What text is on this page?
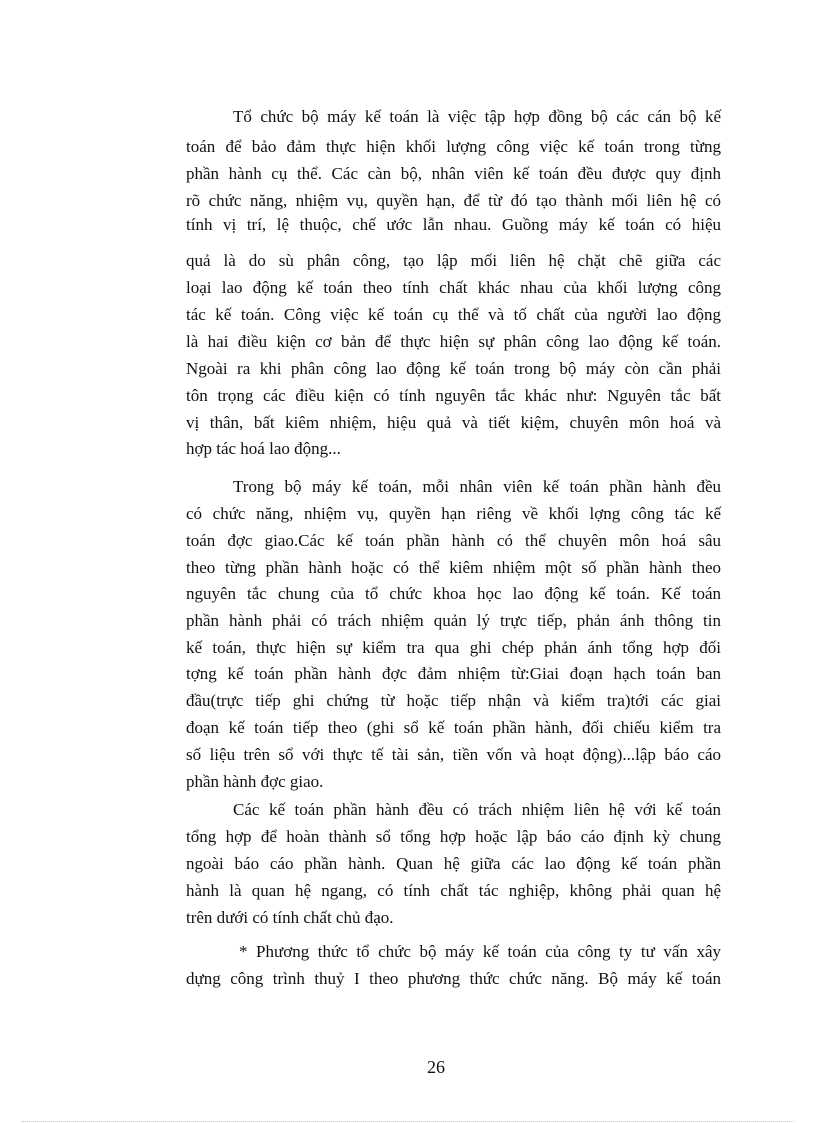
Tổ chức bộ máy kế toán là việc tập hợp đồng bộ các cán bộ kế
toán để bảo đảm thực hiện khối lượng công việc kế toán trong từng
phần hành cụ thể. Các càn bộ, nhân viên kế toán đều được quy định
rõ chức năng, nhiệm vụ, quyền hạn, để từ đó tạo thành mối liên hệ có
tính vị trí, lệ thuộc, chế ước lẫn nhau. Guồng máy kế toán có hiệu
quả là do sù phân công, tạo lập mối liên hệ chặt chẽ giữa các
loại lao động kế toán theo tính chất khác nhau của khối lượng công
tác kế toán. Công việc kế toán cụ thể và tố chất của người lao động
là hai điều kiện cơ bản để thực hiện sự phân công lao động kế toán.
Ngoài ra khi phân công lao động kế toán trong bộ máy còn cần phải
tôn trọng các điều kiện có tính nguyên tắc khác như: Nguyên tắc bất
vị thân, bất kiêm nhiệm, hiệu quả và tiết kiệm, chuyên môn hoá và
hợp tác hoá lao động...
Trong bộ máy kế toán, mỗi nhân viên kế toán phần hành đều
có chức năng, nhiệm vụ, quyền hạn riêng về khối lợng công tác kế
toán đợc giao.Các kế toán phần hành có thể chuyên môn hoá sâu
theo từng phần hành hoặc có thể kiêm nhiệm một số phần hành theo
nguyên tắc chung của tổ chức khoa học lao động kế toán. Kế toán
phần hành phải có trách nhiệm quản lý trực tiếp, phản ánh thông tin
kế toán, thực hiện sự kiểm tra qua ghi chép phản ánh tổng hợp đối
tợng kế toán phần hành đợc đảm nhiệm từ:Giai đoạn hạch toán ban
đầu(trực tiếp ghi chứng từ hoặc tiếp nhận và kiểm tra)tới các giai
đoạn kế toán tiếp theo (ghi sổ kế toán phần hành, đối chiếu kiểm tra
số liệu trên sổ với thực tế tài sản, tiền vốn và hoạt động)...lập báo cáo
phần hành đợc giao.
Các kế toán phần hành đều có trách nhiệm liên hệ với kế toán
tổng hợp để hoàn thành sổ tổng hợp hoặc lập báo cáo định kỳ chung
ngoài báo cáo phần hành. Quan hệ giữa các lao động kế toán phần
hành là quan hệ ngang, có tính chất tác nghiệp, không phải quan hệ
trên dưới có tính chất chủ đạo.
* Phương thức tổ chức bộ máy kế toán của công ty tư vấn xây
dựng công trình thuỷ I theo phương thức chức năng. Bộ máy kế toán
26
